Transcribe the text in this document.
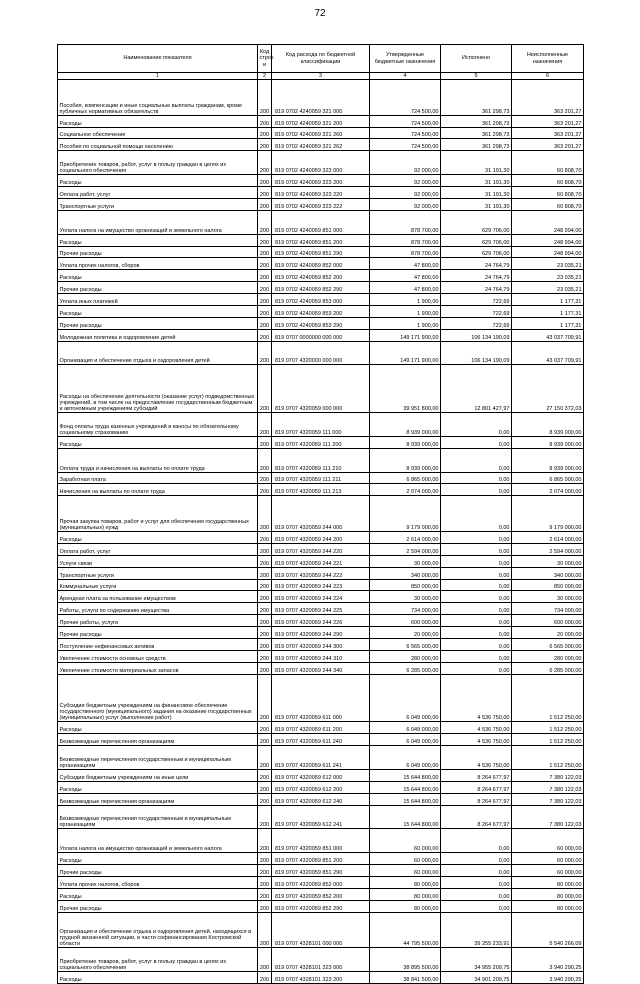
72
Наименование показателя	Код строк и	Код расхода по бюджетной классификации	Утвержденные бюджетные назначения	Исполнено	Неисполненные назначения
1	2	3	4	5	6
Пособия, компенсации и иные социальные выплаты гражданам, кроме публичных нормативных обязательств	200	819 0702 4240059 321 000	724 500,00	361 298,73	363 201,27
Расходы	200	819 0702 4240059 321 200	724 500,00	361 298,73	363 201,27
Социальное обеспечение	200	819 0702 4240059 321 260	724 500,00	361 298,73	363 201,27
Пособия по социальной помощи населению	200	819 0702 4240059 321 262	724 500,00	361 298,73	363 201,27
Приобретение товаров, работ, услуг в пользу граждан в целях их социального обеспечения	200	819 0702 4240059 323 000	92 000,00	31 191,30	60 808,70
Расходы	200	819 0702 4240059 323 200	92 000,00	31 191,30	60 808,70
Оплата работ, услуг	200	819 0702 4240059 323 220	92 000,00	31 191,30	60 808,70
Транспортные услуги	200	819 0702 4240059 323 222	92 000,00	31 191,30	60 808,70
Уплата налога на имущество организаций и земельного налога	200	819 0702 4240059 851 000	878 700,00	629 706,00	248 994,00
Расходы	200	819 0702 4240059 851 200	878 700,00	629 706,00	248 994,00
Прочие расходы	200	819 0702 4240059 851 290	878 700,00	629 706,00	248 994,00
Уплата прочих налогов, сборов	200	819 0702 4240059 852 000	47 800,00	24 764,79	23 035,21
Расходы	200	819 0702 4240059 852 200	47 800,00	24 764,79	23 035,21
Прочие расходы	200	819 0702 4240059 852 290	47 800,00	24 764,79	23 035,21
Уплата иных платежей	200	819 0702 4240059 853 000	1 900,00	722,69	1 177,31
Расходы	200	819 0702 4240059 853 200	1 900,00	722,69	1 177,31
Прочие расходы	200	819 0702 4240059 853 290	1 900,00	722,69	1 177,31
Молодежная политика и оздоровление детей	200	819 0707 0000000 000 000	149 171 900,00	106 134 190,09	43 037 709,91
Организация и обеспечение отдыха и оздоровления детей	200	819 0707 4320000 000 000	149 171 900,00	106 134 190,09	43 037 709,91
Расходы на обеспечение деятельности (оказание услуг) подведомственных учреждений, в том числе на предоставление государственным бюджетным и автономным учреждениям субсидий	200	819 0707 4320059 000 000	39 951 800,00	12 801 427,97	27 150 372,03
Фонд оплаты труда казенных учреждений и взносы по обязательному социальному страхованию	200	819 0707 4320059 111 000	8 939 000,00	0,00	8 939 000,00
Расходы	200	819 0707 4320059 111 200	8 939 000,00	0,00	8 939 000,00
Оплата труда и начисления на выплаты по оплате труда	200	819 0707 4320059 111 210	8 939 000,00	0,00	8 939 000,00
Заработная плата	200	819 0707 4320059 111 211	6 865 000,00	0,00	6 865 000,00
Начисления на выплаты по оплате труда	200	819 0707 4320059 111 213	2 074 000,00	0,00	2 074 000,00
Прочая закупка товаров, работ и услуг для обеспечения государственных (муниципальных) нужд	200	819 0707 4320059 244 000	9 179 000,00	0,00	9 179 000,00
Расходы	200	819 0707 4320059 244 200	2 614 000,00	0,00	2 614 000,00
Оплата работ, услуг	200	819 0707 4320059 244 220	2 594 000,00	0,00	2 594 000,00
Услуги связи	200	819 0707 4320059 244 221	30 000,00	0,00	30 000,00
Транспортные услуги	200	819 0707 4320059 244 222	340 000,00	0,00	340 000,00
Коммунальные услуги	200	819 0707 4320059 244 223	850 000,00	0,00	850 000,00
Арендная плата за пользование имуществом	200	819 0707 4320059 244 224	30 000,00	0,00	30 000,00
Работы, услуги по содержанию имущества	200	819 0707 4320059 244 225	734 000,00	0,00	734 000,00
Прочие работы, услуги	200	819 0707 4320059 244 226	600 000,00	0,00	600 000,00
Прочие расходы	200	819 0707 4320059 244 290	20 000,00	0,00	20 000,00
Поступление нефинансовых активов	200	819 0707 4320059 244 300	6 565 000,00	0,00	6 565 000,00
Увеличение стоимости основных средств	200	819 0707 4320059 244 310	280 000,00	0,00	280 000,00
Увеличение стоимости материальных запасов	200	819 0707 4320059 244 340	6 285 000,00	0,00	6 285 000,00
Субсидии бюджетным учреждениям на финансовое обеспечение государственного (муниципального) задания на оказание государственных (муниципальных) услуг (выполнение работ)	200	819 0707 4320059 611 000	6 049 000,00	4 536 750,00	1 512 250,00
Расходы	200	819 0707 4320059 611 200	6 049 000,00	4 536 750,00	1 512 250,00
Безвозмездные перечисления организациям	200	819 0707 4320059 611 240	6 049 000,00	4 536 750,00	1 512 250,00
Безвозмездные перечисления государственным и муниципальным организациям	200	819 0707 4320059 611 241	6 049 000,00	4 536 750,00	1 512 250,00
Субсидии бюджетным учреждениям на иные цели	200	819 0707 4320059 612 000	15 644 800,00	8 264 677,97	7 380 122,03
Расходы	200	819 0707 4320059 612 200	15 644 800,00	8 264 677,97	7 380 122,03
Безвозмездные перечисления организациям	200	819 0707 4320059 612 240	15 644 800,00	8 264 677,97	7 380 122,03
Безвозмездные перечисления государственным и муниципальным организациям	200	819 0707 4320059 612 241	15 644 800,00	8 264 677,97	7 380 122,03
Уплата налога на имущество организаций и земельного налога	200	819 0707 4320059 851 000	60 000,00	0,00	60 000,00
Расходы	200	819 0707 4320059 851 200	60 000,00	0,00	60 000,00
Прочие расходы	200	819 0707 4320059 851 290	60 000,00	0,00	60 000,00
Уплата прочих налогов, сборов	200	819 0707 4320059 852 000	80 000,00	0,00	80 000,00
Расходы	200	819 0707 4320059 852 200	80 000,00	0,00	80 000,00
Прочие расходы	200	819 0707 4320059 852 290	80 000,00	0,00	80 000,00
Организация и обеспечение отдыха и оздоровления детей, находящихся в трудной жизненной ситуации, в части софинансирования Костромской области	200	819 0707 4328101 000 000	44 795 500,00	39 255 233,91	5 540 266,09
Приобретение товаров, работ, услуг в пользу граждан в целях их социального обеспечения	200	819 0707 4328101 323 000	38 895 500,00	34 955 209,75	3 940 290,25
Расходы	200	819 0707 4328101 323 200	38 841 500,00	34 901 209,75	3 940 290,25
